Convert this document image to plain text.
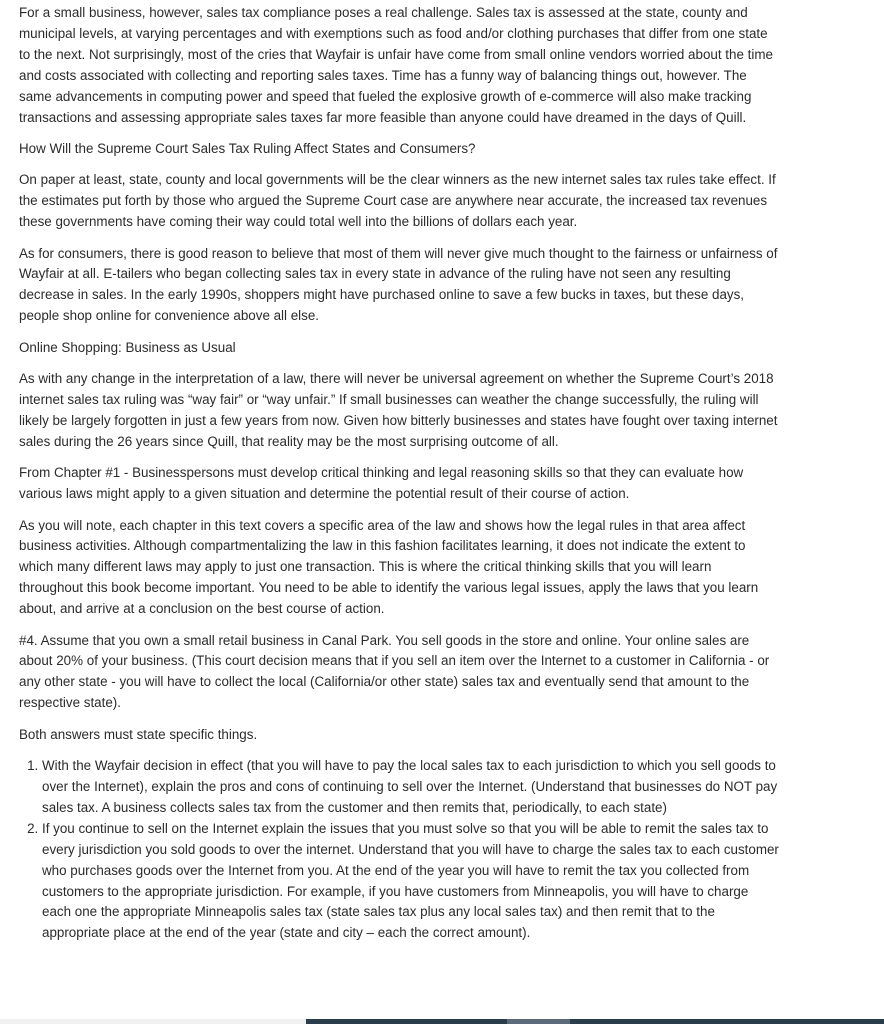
For a small business, however, sales tax compliance poses a real challenge. Sales tax is assessed at the state, county and municipal levels, at varying percentages and with exemptions such as food and/or clothing purchases that differ from one state to the next. Not surprisingly, most of the cries that Wayfair is unfair have come from small online vendors worried about the time and costs associated with collecting and reporting sales taxes. Time has a funny way of balancing things out, however. The same advancements in computing power and speed that fueled the explosive growth of e-commerce will also make tracking transactions and assessing appropriate sales taxes far more feasible than anyone could have dreamed in the days of Quill.

How Will the Supreme Court Sales Tax Ruling Affect States and Consumers?

On paper at least, state, county and local governments will be the clear winners as the new internet sales tax rules take effect. If the estimates put forth by those who argued the Supreme Court case are anywhere near accurate, the increased tax revenues these governments have coming their way could total well into the billions of dollars each year.

As for consumers, there is good reason to believe that most of them will never give much thought to the fairness or unfairness of Wayfair at all. E-tailers who began collecting sales tax in every state in advance of the ruling have not seen any resulting decrease in sales. In the early 1990s, shoppers might have purchased online to save a few bucks in taxes, but these days, people shop online for convenience above all else.

Online Shopping: Business as Usual

As with any change in the interpretation of a law, there will never be universal agreement on whether the Supreme Court’s 2018 internet sales tax ruling was “way fair” or “way unfair.” If small businesses can weather the change successfully, the ruling will likely be largely forgotten in just a few years from now. Given how bitterly businesses and states have fought over taxing internet sales during the 26 years since Quill, that reality may be the most surprising outcome of all.

From Chapter #1 - Businesspersons must develop critical thinking and legal reasoning skills so that they can evaluate how various laws might apply to a given situation and determine the potential result of their course of action.

As you will note, each chapter in this text covers a specific area of the law and shows how the legal rules in that area affect business activities. Although compartmentalizing the law in this fashion facilitates learning, it does not indicate the extent to which many different laws may apply to just one transaction. This is where the critical thinking skills that you will learn throughout this book become important. You need to be able to identify the various legal issues, apply the laws that you learn about, and arrive at a conclusion on the best course of action.

#4. Assume that you own a small retail business in Canal Park. You sell goods in the store and online. Your online sales are about 20% of your business. (This court decision means that if you sell an item over the Internet to a customer in California - or any other state - you will have to collect the local (California/or other state) sales tax and eventually send that amount to the respective state).

Both answers must state specific things.

1. With the Wayfair decision in effect (that you will have to pay the local sales tax to each jurisdiction to which you sell goods to over the Internet), explain the pros and cons of continuing to sell over the Internet. (Understand that businesses do NOT pay sales tax. A business collects sales tax from the customer and then remits that, periodically, to each state)
2. If you continue to sell on the Internet explain the issues that you must solve so that you will be able to remit the sales tax to every jurisdiction you sold goods to over the internet. Understand that you will have to charge the sales tax to each customer who purchases goods over the Internet from you. At the end of the year you will have to remit the tax you collected from customers to the appropriate jurisdiction. For example, if you have customers from Minneapolis, you will have to charge each one the appropriate Minneapolis sales tax (state sales tax plus any local sales tax) and then remit that to the appropriate place at the end of the year (state and city – each the correct amount).
